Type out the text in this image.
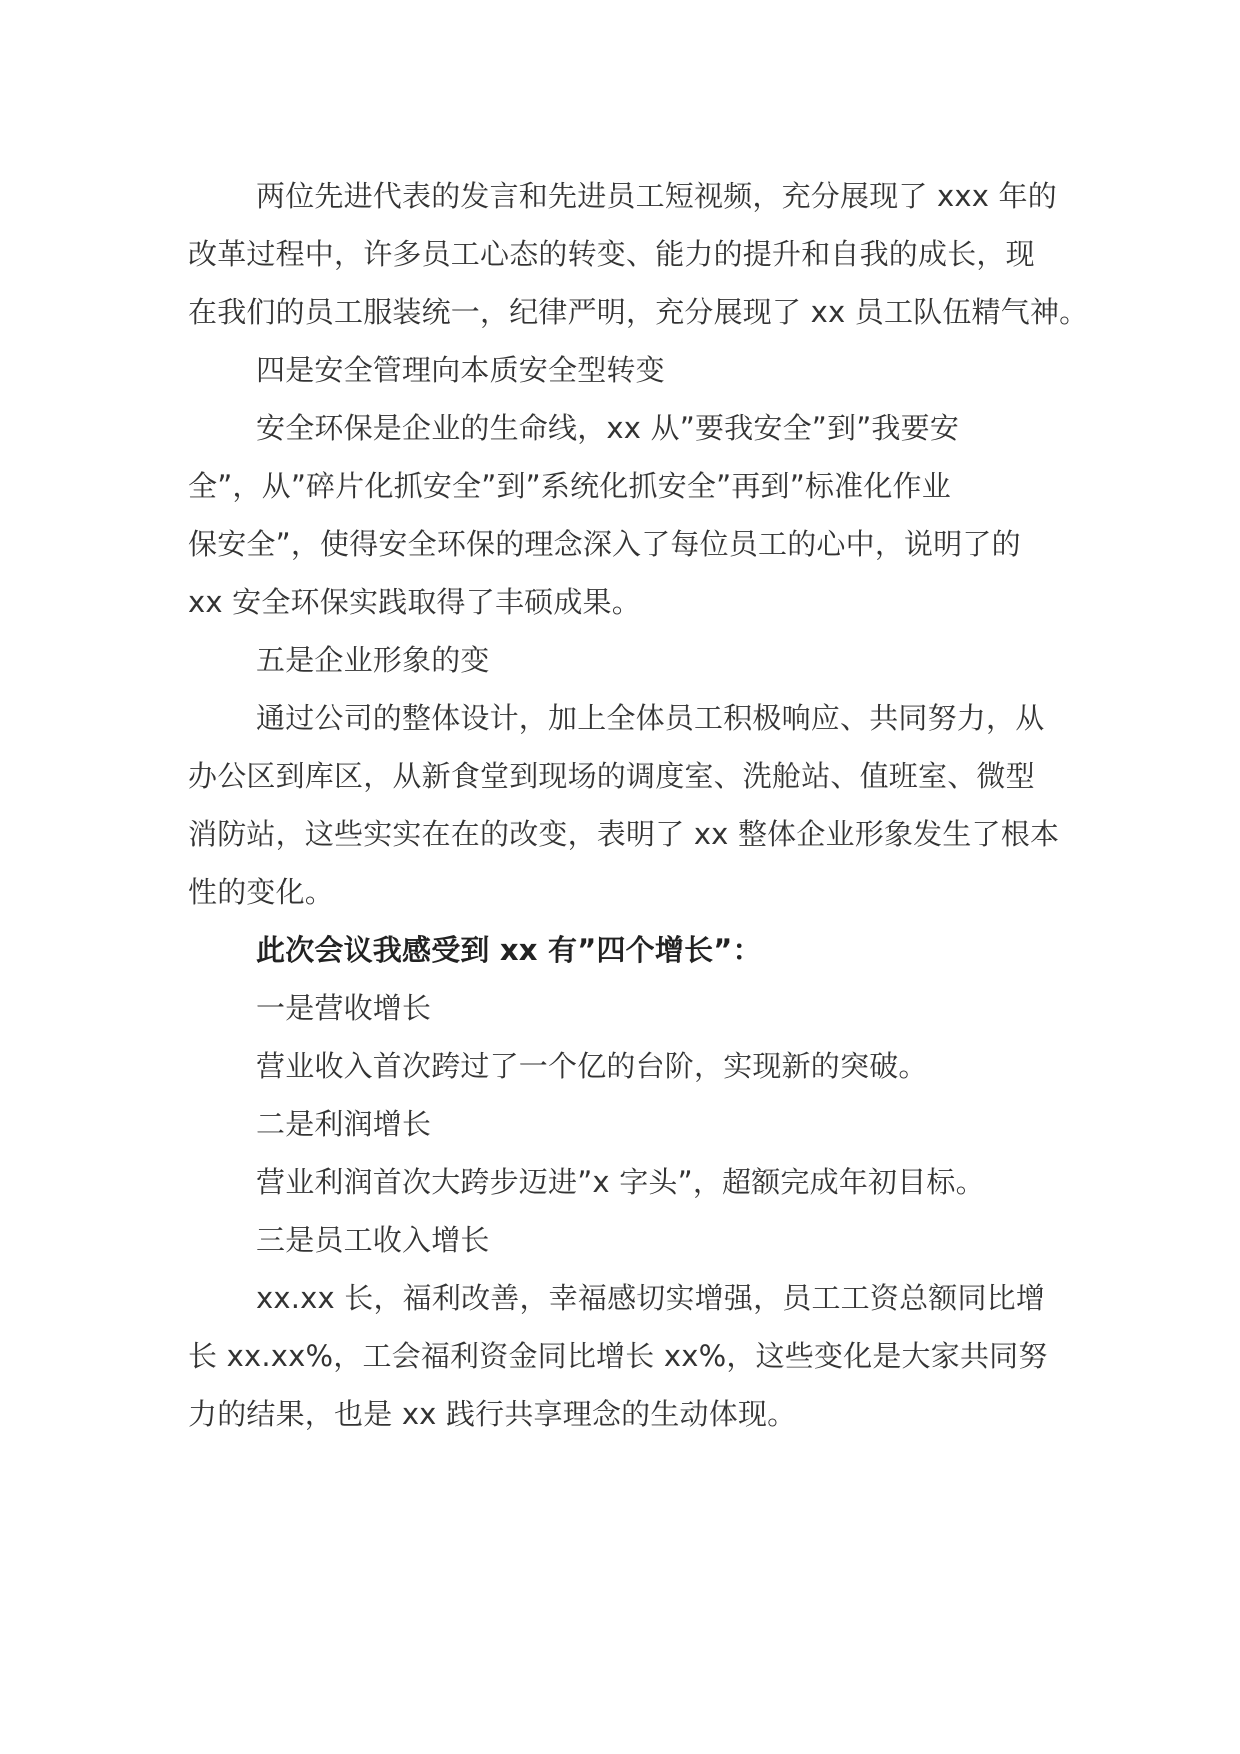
两位先进代表的发言和先进员工短视频，充分展现了 xxx 年的
改革过程中，许多员工心态的转变、能力的提升和自我的成长，现
在我们的员工服装统一，纪律严明，充分展现了 xx 员工队伍精气神。
四是安全管理向本质安全型转变
安全环保是企业的生命线，xx 从”要我安全”到”我要安
全”，从”碎片化抓安全”到”系统化抓安全”再到”标准化作业
保安全”，使得安全环保的理念深入了每位员工的心中，说明了的
xx 安全环保实践取得了丰硕成果。
五是企业形象的变
通过公司的整体设计，加上全体员工积极响应、共同努力，从
办公区到库区，从新食堂到现场的调度室、洗舱站、值班室、微型
消防站，这些实实在在的改变，表明了 xx 整体企业形象发生了根本
性的变化。
此次会议我感受到 xx 有”四个增长”：
一是营收增长
营业收入首次跨过了一个亿的台阶，实现新的突破。
二是利润增长
营业利润首次大跨步迈进”x 字头”，超额完成年初目标。
三是员工收入增长
xx.xx 长，福利改善，幸福感切实增强，员工工资总额同比增
长 xx.xx%，工会福利资金同比增长 xx%，这些变化是大家共同努
力的结果，也是 xx 践行共享理念的生动体现。
